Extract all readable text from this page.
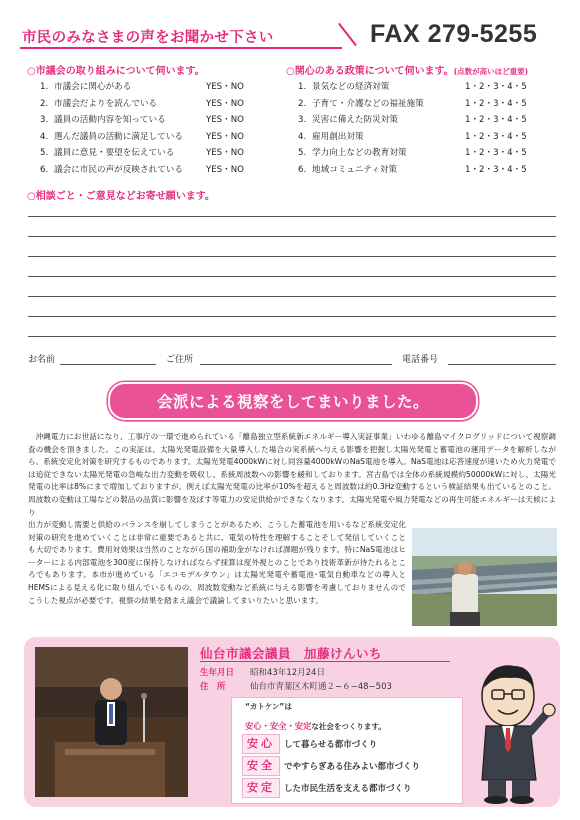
市民のみなさまの声をお聞かせ下さい	FAX 279-5255
○市議会の取り組みについて伺います。
1. 市議会に関心がある	YES・NO
2. 市議会だよりを読んでいる	YES・NO
3. 議員の活動内容を知っている	YES・NO
4. 選んだ議員の活動に満足している	YES・NO
5. 議員に意見・要望を伝えている	YES・NO
6. 議会に市民の声が反映されている	YES・NO
○関心のある政策について伺います。(点数が高いほど重要)
1. 景気などの経済対策	1・2・3・4・5
2. 子育て・介護などの福祉施策	1・2・3・4・5
3. 災害に備えた防災対策	1・2・3・4・5
4. 雇用創出対策	1・2・3・4・5
5. 学力向上などの教育対策	1・2・3・4・5
6. 地域コミュニティ対策	1・2・3・4・5
○相談ごと・ご意見などお寄せ願います。
お名前	ご住所	電話番号
会派による視察をしてまいりました。

沖縄電力にお世話になり、工事庁の一環で進められている「離島独立型系統新エネルギー導入実証事業」いわゆる離島マイクログリッドについて視察調査の機会を頂きました。この実証は、太陽光発電設備を大量導入した場合の実系統へ与える影響を把握し太陽光発電と蓄電池の運用データを解析しながら、系統安定化対策を研究するものであります。太陽光発電4000kWに対し同容量4000kWのNaS電池を導入。NaS電池は応答速度が速いため火力発電では追従できない太陽光発電の急峻な出力変動を吸収し、系統周波数への影響を緩和しております。宮古島では全体の系統規模約50000kWに対し、太陽光発電の比率は8%にまで増加しておりますが、例えば太陽光発電の比率が10%を超えると周波数は約0.3Hz変動するという検証結果も出ているとのこと。周波数の変動は工場などの製品の品質に影響を及ぼす等電力の安定供給ができなくなります。太陽光発電や風力発電などの再生可能エネルギーは天候により

出力が変動し需要と供給のバランスを崩してしまうことがあるため、こうした蓄電池を用いるなど系統安定化対策の研究を進めていくことは非常に重要であると共に、電気の特性を理解することそして発信していくことも大切であります。費用対効果は当然のことながら国の補助金がなければ課題が残ります。特にNaS電池はヒーターによる内部電池を300度に保持しなければならず採算は度外視とのことであり技術革新が待たれるところでもあります。本市が進めている「エコモデルタウン」は太陽光発電や蓄電池･電気自動車などの導入とHEMSによる見える化に取り組んでいるものの、周波数変動など系統に与える影響を考慮しておりませんのでこうした視点が必要です。視察の結果を踏まえ議会で議論してまいりたいと思います。

仙台市議会議員　加藤けんいち
生年月日 昭和43年12月24日
住　所	仙台市青葉区木町通２−６−48−503
“カトケン”は
安心・安全・安定な社会をつくります。
安心 して暮らせる都市づくり
安全 でやすらぎある住みよい都市づくり
安定 した市民生活を支える都市づくり
